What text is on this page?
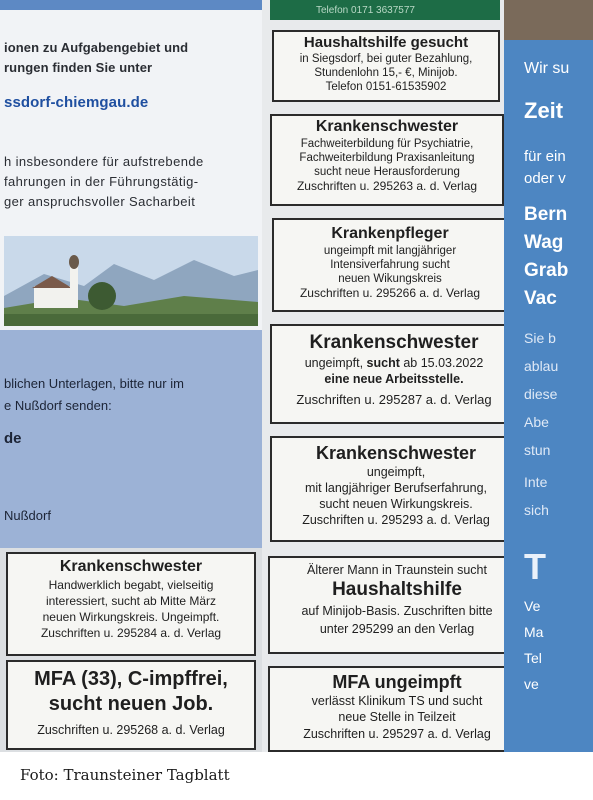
ionen zu Aufgabengebiet und
rungen finden Sie unter
ssdorf-chiemgau.de
h insbesondere für aufstrebende
fahrungen in der Führungstätig-
ger anspruchsvoller Sacharbeit
blichen Unterlagen, bitte nur im
e Nußdorf senden:
de
Nußdorf
Telefon 0171 3637577
Haushaltshilfe gesucht
in Siegsdorf, bei guter Bezahlung,
Stundenlohn 15,- €, Minijob.
Telefon 0151-61535902
Krankenschwester
Fachweiterbildung für Psychiatrie,
Fachweiterbildung Praxisanleitung
sucht neue Herausforderung
Zuschriften u. 295263 a. d. Verlag
Krankenpfleger
ungeimpft mit langjähriger
Intensiverfahrung sucht
neuen Wikungskreis
Zuschriften u. 295266 a. d. Verlag
Krankenschwester
ungeimpft, sucht ab 15.03.2022
eine neue Arbeitsstelle.
Zuschriften u. 295287 a. d. Verlag
Krankenschwester
ungeimpft,
mit langjähriger Berufserfahrung,
sucht neuen Wirkungskreis.
Zuschriften u. 295293 a. d. Verlag
Krankenschwester
Handwerklich begabt, vielseitig
interessiert, sucht ab Mitte März
neuen Wirkungskreis. Ungeimpft.
Zuschriften u. 295284 a. d. Verlag
Älterer Mann in Traunstein sucht
Haushaltshilfe
auf Minijob-Basis. Zuschriften bitte
unter 295299 an den Verlag
MFA (33), C-impffrei,
sucht neuen Job.
Zuschriften u. 295268 a. d. Verlag
MFA ungeimpft
verlässt Klinikum TS und sucht
neue Stelle in Teilzeit
Zuschriften u. 295297 a. d. Verlag
Wir su
Zeit
für ein
oder v
Bern
Wag
Grab
Vac
Sie b
ablau
diese
Abe
stun
Inte
sich
T
Ve
Ma
Tel
ve
Foto: Traunsteiner Tagblatt
